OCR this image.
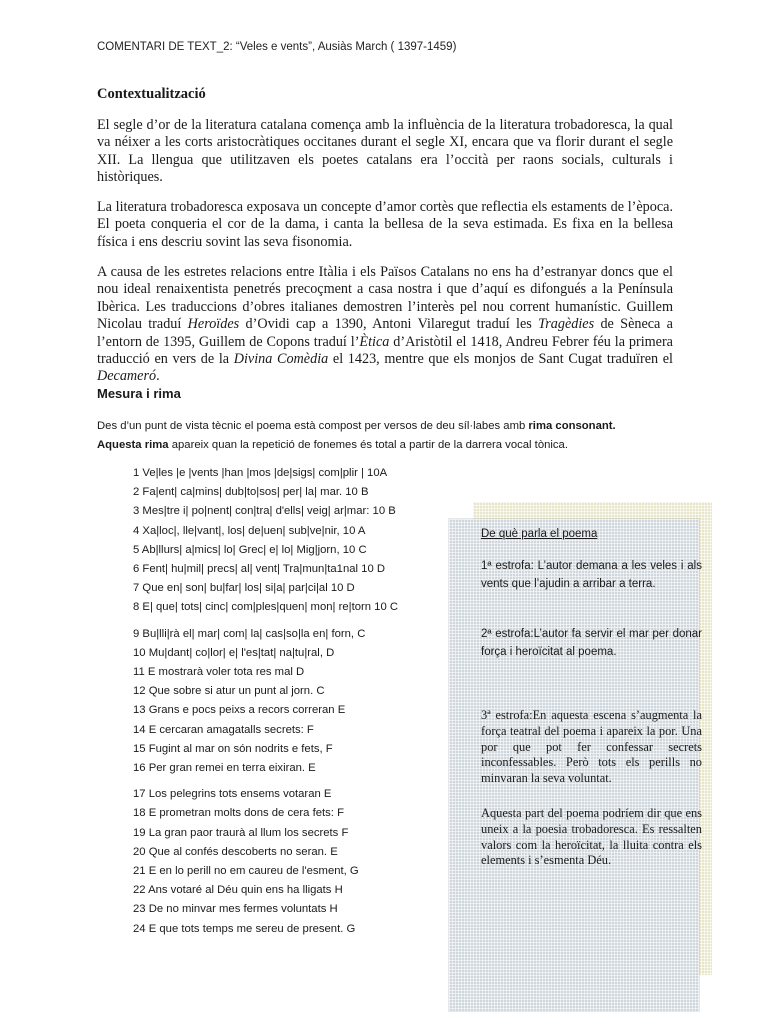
COMENTARI DE TEXT_2: “Veles e vents”, Ausiàs March ( 1397-1459)
Contextualització

El segle d’or de la literatura catalana comença amb la influència de la literatura trobadoresca, la qual va néixer a les corts aristocràtiques occitanes durant el segle XI, encara que va florir durant el segle XII. La llengua que utilitzaven els poetes catalans era l’occità per raons socials, culturals i històriques.

La literatura trobadoresca exposava un concepte d’amor cortès que reflectia els estaments de l’època. El poeta conqueria el cor de la dama, i canta la bellesa de la seva estimada. Es fixa en la bellesa física i ens descriu sovint las seva fisonomia.

A causa de les estretes relacions entre Itàlia i els Països Catalans no ens ha d’estranyar doncs que el nou ideal renaixentista penetrés precoçment a casa nostra i que d’aquí es difongués a la Península Ibèrica. Les traduccions d’obres italianes demostren l’interès pel nou corrent humanístic. Guillem Nicolau traduí Heroïdes d’Ovidi cap a 1390, Antoni Vilaregut traduí les Tragèdies de Sèneca a l’entorn de 1395, Guillem de Copons traduí l’Ètica d’Aristòtil el 1418, Andreu Febrer féu la primera traducció en vers de la Divina Comèdia el 1423, mentre que els monjos de Sant Cugat traduïren el Decameró.

Mesura i rima

Des d’un punt de vista tècnic el poema està compost per versos de deu síl·labes amb rima consonant.
Aquesta rima apareix quan la repetició de fonemes és total a partir de la darrera vocal tònica.

1 Ve|les |e |vents |han |mos |de|sigs| com|plir | 10A
2 Fa|ent| ca|mins| dub|to|sos| per| la| mar. 10 B
3 Mes|tre i| po|nent| con|tra| d'ells| veig| ar|mar: 10 B
4 Xa|loc|, lle|vant|, los| de|uen| sub|ve|nir, 10 A
5 Ab|llurs| a|mics| lo| Grec| e| lo| Mig|jorn, 10 C
6 Fent| hu|mil| precs| al| vent| Tra|mun|ta1nal 10 D
7 Que en| son| bu|far| los| si|a| par|ci|al 10 D
8 E| que| tots| cinc| com|ples|quen| mon| re|torn 10 C
9 Bu|lli|rà el| mar| com| la| cas|so|la en| forn, C
10 Mu|dant| co|lor| e| l'es|tat| na|tu|ral, D
11 E mostrarà voler tota res mal D
12 Que sobre si atur un punt al jorn. C
13 Grans e pocs peixs a recors correran E
14 E cercaran amagatalls secrets: F
15 Fugint al mar on són nodrits e fets, F
16 Per gran remei en terra eixiran. E
17 Los pelegrins tots ensems votaran E
18 E prometran molts dons de cera fets: F
19 La gran paor traurà al llum los secrets F
20 Que al confés descoberts no seran. E
21 E en lo perill no em caureu de l'esment, G
22 Ans votaré al Déu quin ens ha lligats H
23 De no minvar mes fermes voluntats H
24 E que tots temps me sereu de present. G
De què parla el poema

1ª estrofa: L’autor demana a les veles i als vents que l’ajudin a arribar a terra.

2ª estrofa:L’autor fa servir el mar per donar força i heroïcitat al poema.

3ª estrofa:En aquesta escena s’augmenta la força teatral del poema i apareix la por. Una por que pot fer confessar secrets inconfessables. Però tots els perills no minvaran la seva voluntat.

Aquesta part del poema podríem dir que ens uneix a la poesia trobadoresca. Es ressalten valors com la heroïcitat, la lluita contra els elements i s’esmenta Déu.
